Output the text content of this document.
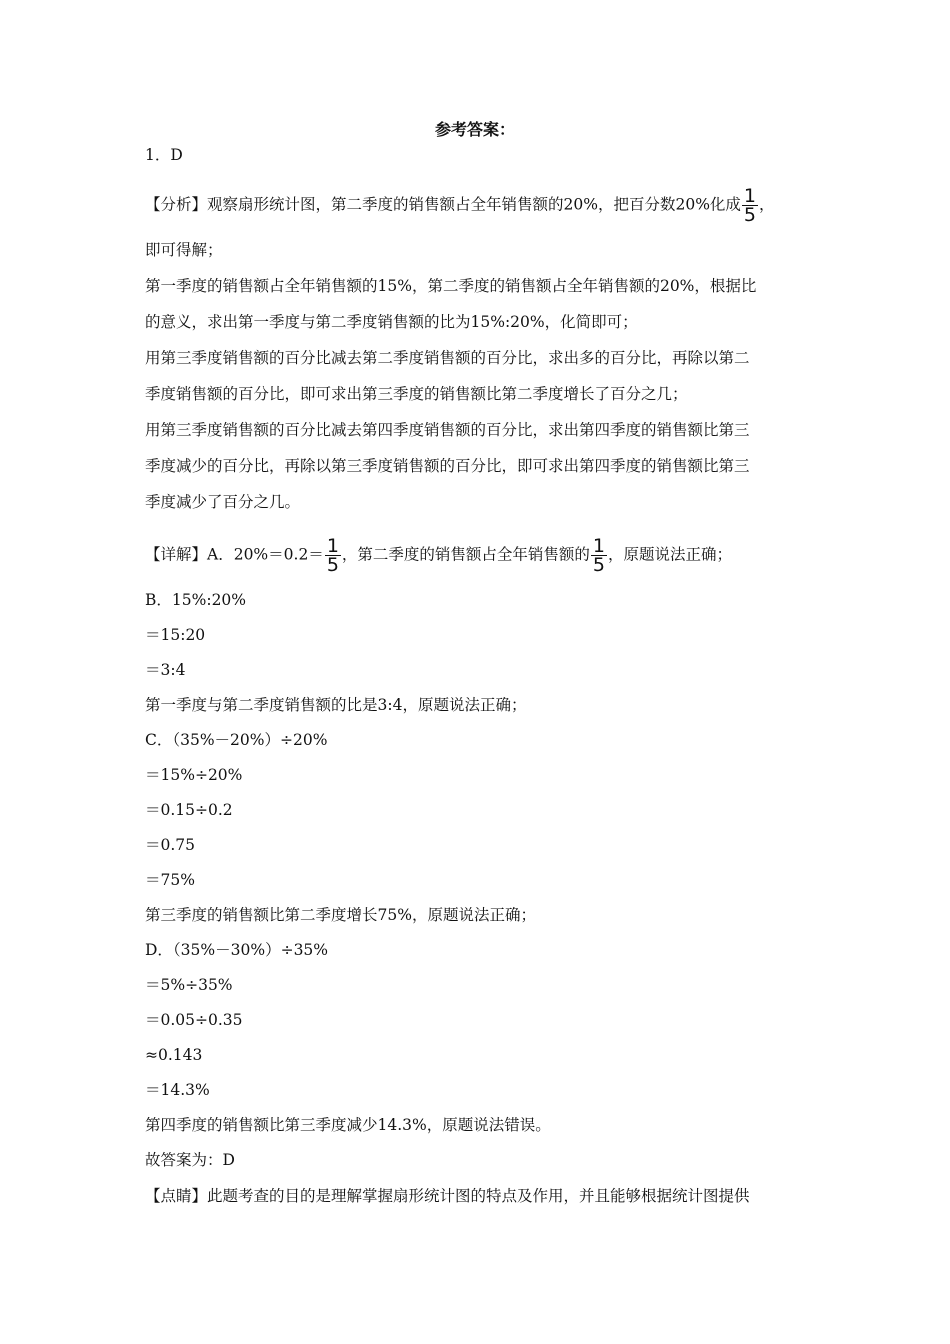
参考答案：
1．D
【分析】观察扇形统计图，第二季度的销售额占全年销售额的20%，把百分数20%化成 $\frac{1}{5}$ ，
即可得解；
第一季度的销售额占全年销售额的15%，第二季度的销售额占全年销售额的20%，根据比
的意义，求出第一季度与第二季度销售额的比为15%:20%，化简即可；
用第三季度销售额的百分比减去第二季度销售额的百分比，求出多的百分比，再除以第二
季度销售额的百分比，即可求出第三季度的销售额比第二季度增长了百分之几；
用第三季度销售额的百分比减去第四季度销售额的百分比，求出第四季度的销售额比第三
季度减少的百分比，再除以第三季度销售额的百分比，即可求出第四季度的销售额比第三
季度减少了百分之几。
【详解】A．$20\%=0.2= \frac{1}{5}$ ，第二季度的销售额占全年销售额的 $\frac{1}{5}$ ，原题说法正确；
B．15%:20%
＝15:20
＝3:4
第一季度与第二季度销售额的比是3:4，原题说法正确；
C．（35%－20%）÷20%
＝15%÷20%
＝0.15÷0.2
＝0.75
＝75%
第三季度的销售额比第二季度增长75%，原题说法正确；
D．（35%－30%）÷35%
＝5%÷35%
＝0.05÷0.35
≈0.143
＝14.3%
第四季度的销售额比第三季度减少14.3%，原题说法错误。
故答案为：D
【点睛】此题考查的目的是理解掌握扇形统计图的特点及作用，并且能够根据统计图提供
